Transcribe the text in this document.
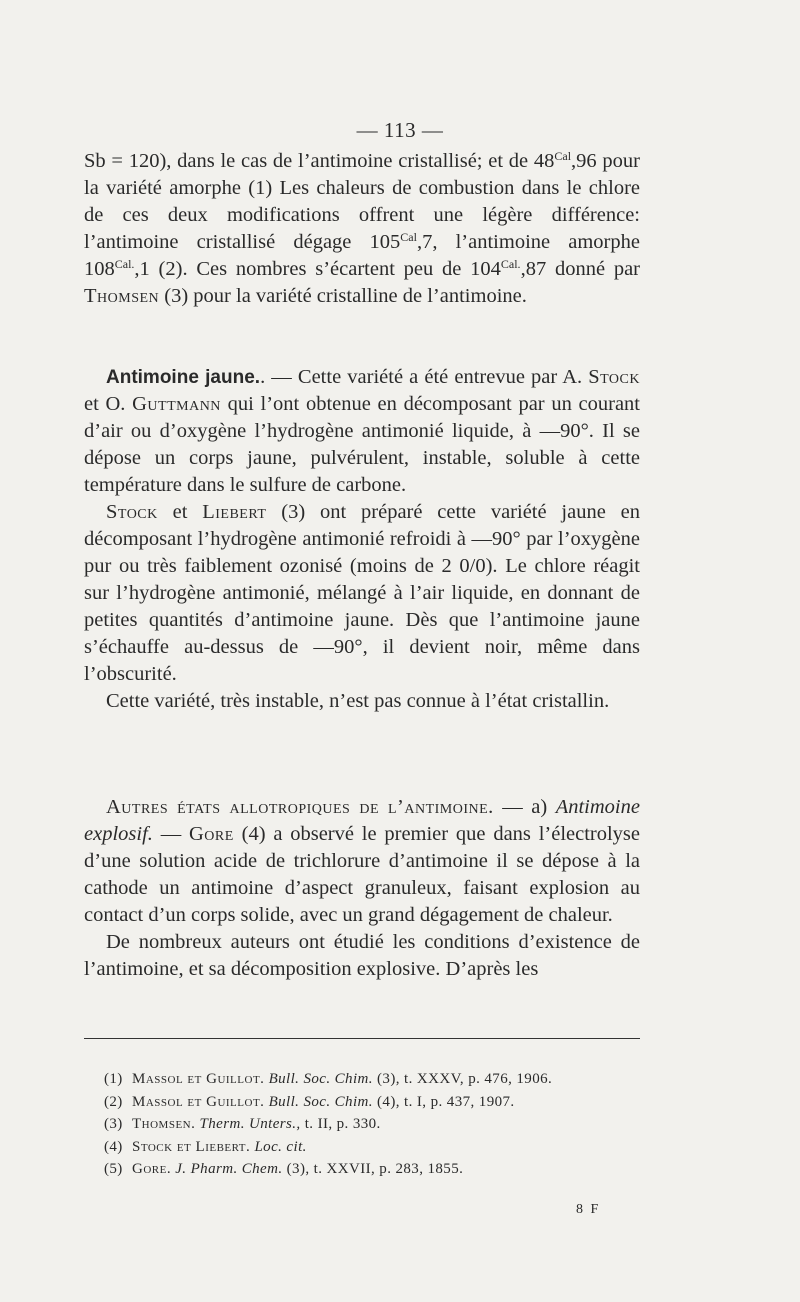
— 113 —

Sb = 120), dans le cas de l’antimoine cristallisé; et de $48^{Cal},96$ pour la variété amorphe (1) Les chaleurs de combustion dans le chlore de ces deux modifications offrent une légère différence: l’antimoine cristallisé dégage $105^{Cal},7$, l’antimoine amorphe $108^{Cal.},1$ (2). Ces nombres s’écartent peu de $104^{Cal.},87$ donné par Thomsen (3) pour la variété cristalline de l’antimoine.

Antimoine jaune.. — Cette variété a été entrevue par A. Stock et O. Guttmann qui l’ont obtenue en décomposant par un courant d’air ou d’oxygène l’hydrogène antimonié liquide, à —90°. Il se dépose un corps jaune, pulvérulent, instable, soluble à cette température dans le sulfure de carbone.

Stock et Liebert (3) ont préparé cette variété jaune en décomposant l’hydrogène antimonié refroidi à —90° par l’oxygène pur ou très faiblement ozonisé (moins de 2 0/0). Le chlore réagit sur l’hydrogène antimonié, mélangé à l’air liquide, en donnant de petites quantités d’antimoine jaune. Dès que l’antimoine jaune s’échauffe au-dessus de —90°, il devient noir, même dans l’obscurité.

Cette variété, très instable, n’est pas connue à l’état cristallin.

Autres états allotropiques de l’antimoine. — a) Antimoine explosif. — Gore (4) a observé le premier que dans l’électrolyse d’une solution acide de trichlorure d’antimoine il se dépose à la cathode un antimoine d’aspect granuleux, faisant explosion au contact d’un corps solide, avec un grand dégagement de chaleur.

De nombreux auteurs ont étudié les conditions d’existence de l’antimoine, et sa décomposition explosive. D’après les

(1) Massol et Guillot. Bull. Soc. Chim. (3), t. XXXV, p. 476, 1906.
(2) Massol et Guillot. Bull. Soc. Chim. (4), t. I, p. 437, 1907.
(3) Thomsen. Therm. Unters., t. II, p. 330.
(4) Stock et Liebert. Loc. cit.
(5) Gore. J. Pharm. Chem. (3), t. XXVII, p. 283, 1855.
8 F
